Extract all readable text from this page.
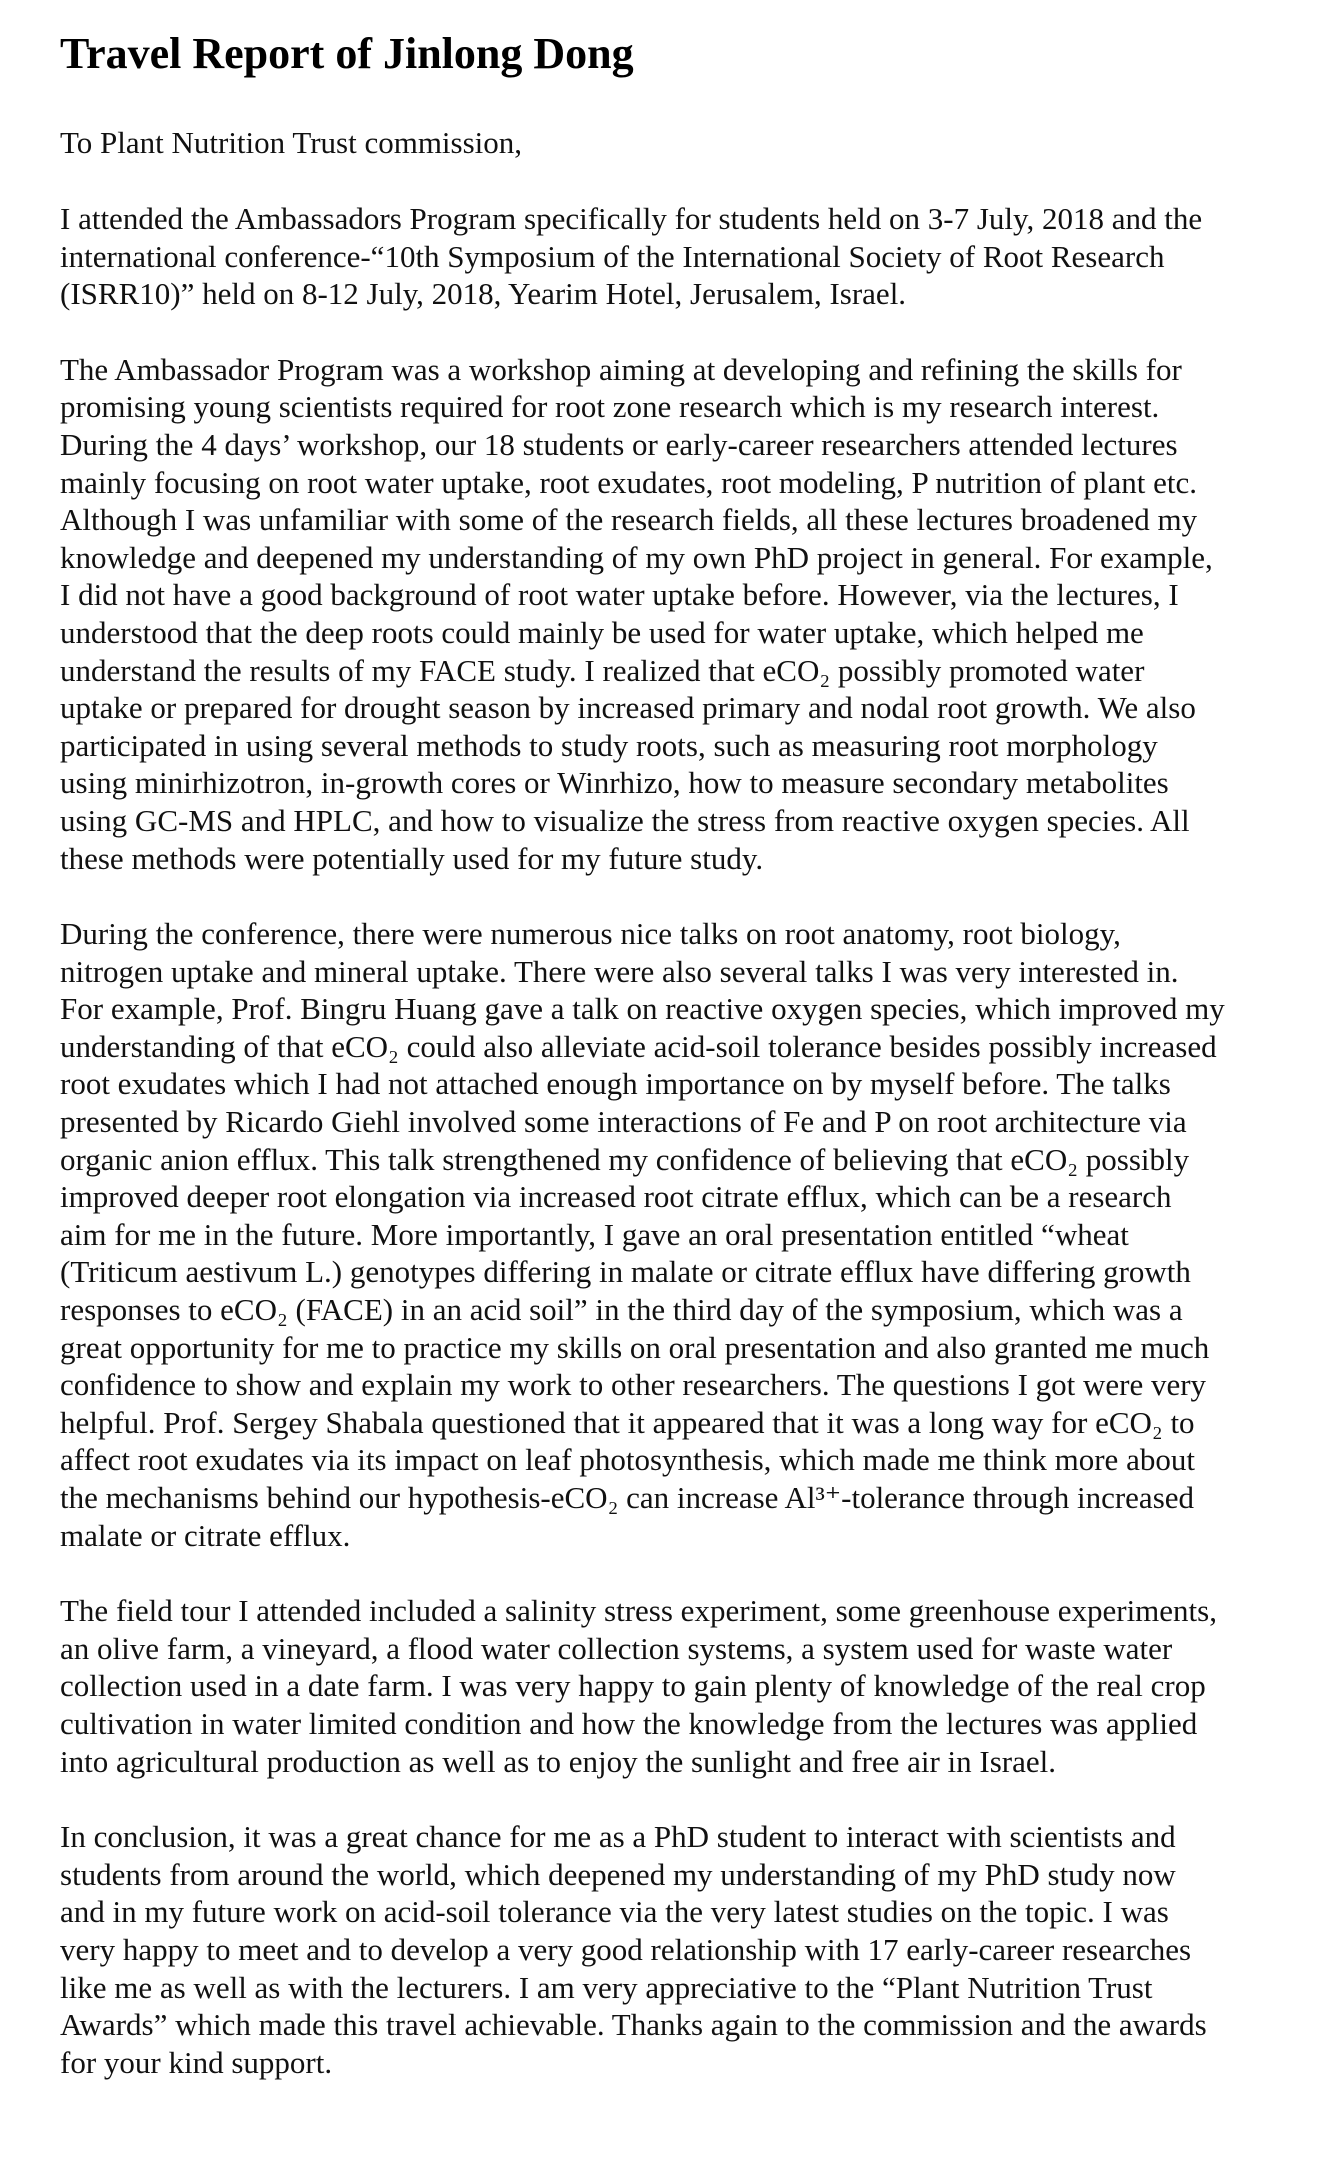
Travel Report of Jinlong Dong

To Plant Nutrition Trust commission,

I attended the Ambassadors Program specifically for students held on 3-7 July, 2018 and the
international conference-“10th Symposium of the International Society of Root Research
(ISRR10)” held on 8-12 July, 2018, Yearim Hotel, Jerusalem, Israel.

The Ambassador Program was a workshop aiming at developing and refining the skills for
promising young scientists required for root zone research which is my research interest.
During the 4 days’ workshop, our 18 students or early-career researchers attended lectures
mainly focusing on root water uptake, root exudates, root modeling, P nutrition of plant etc.
Although I was unfamiliar with some of the research fields, all these lectures broadened my
knowledge and deepened my understanding of my own PhD project in general. For example,
I did not have a good background of root water uptake before. However, via the lectures, I
understood that the deep roots could mainly be used for water uptake, which helped me
understand the results of my FACE study. I realized that eCO₂ possibly promoted water
uptake or prepared for drought season by increased primary and nodal root growth. We also
participated in using several methods to study roots, such as measuring root morphology
using minirhizotron, in-growth cores or Winrhizo, how to measure secondary metabolites
using GC-MS and HPLC, and how to visualize the stress from reactive oxygen species. All
these methods were potentially used for my future study.

During the conference, there were numerous nice talks on root anatomy, root biology,
nitrogen uptake and mineral uptake. There were also several talks I was very interested in.
For example, Prof. Bingru Huang gave a talk on reactive oxygen species, which improved my
understanding of that eCO₂ could also alleviate acid-soil tolerance besides possibly increased
root exudates which I had not attached enough importance on by myself before. The talks
presented by Ricardo Giehl involved some interactions of Fe and P on root architecture via
organic anion efflux. This talk strengthened my confidence of believing that eCO₂ possibly
improved deeper root elongation via increased root citrate efflux, which can be a research
aim for me in the future. More importantly, I gave an oral presentation entitled “wheat
(Triticum aestivum L.) genotypes differing in malate or citrate efflux have differing growth
responses to eCO₂ (FACE) in an acid soil” in the third day of the symposium, which was a
great opportunity for me to practice my skills on oral presentation and also granted me much
confidence to show and explain my work to other researchers. The questions I got were very
helpful. Prof. Sergey Shabala questioned that it appeared that it was a long way for eCO₂ to
affect root exudates via its impact on leaf photosynthesis, which made me think more about
the mechanisms behind our hypothesis-eCO₂ can increase Al³⁺-tolerance through increased
malate or citrate efflux.

The field tour I attended included a salinity stress experiment, some greenhouse experiments,
an olive farm, a vineyard, a flood water collection systems, a system used for waste water
collection used in a date farm. I was very happy to gain plenty of knowledge of the real crop
cultivation in water limited condition and how the knowledge from the lectures was applied
into agricultural production as well as to enjoy the sunlight and free air in Israel.

In conclusion, it was a great chance for me as a PhD student to interact with scientists and
students from around the world, which deepened my understanding of my PhD study now
and in my future work on acid-soil tolerance via the very latest studies on the topic. I was
very happy to meet and to develop a very good relationship with 17 early-career researches
like me as well as with the lecturers. I am very appreciative to the “Plant Nutrition Trust
Awards” which made this travel achievable. Thanks again to the commission and the awards
for your kind support.
